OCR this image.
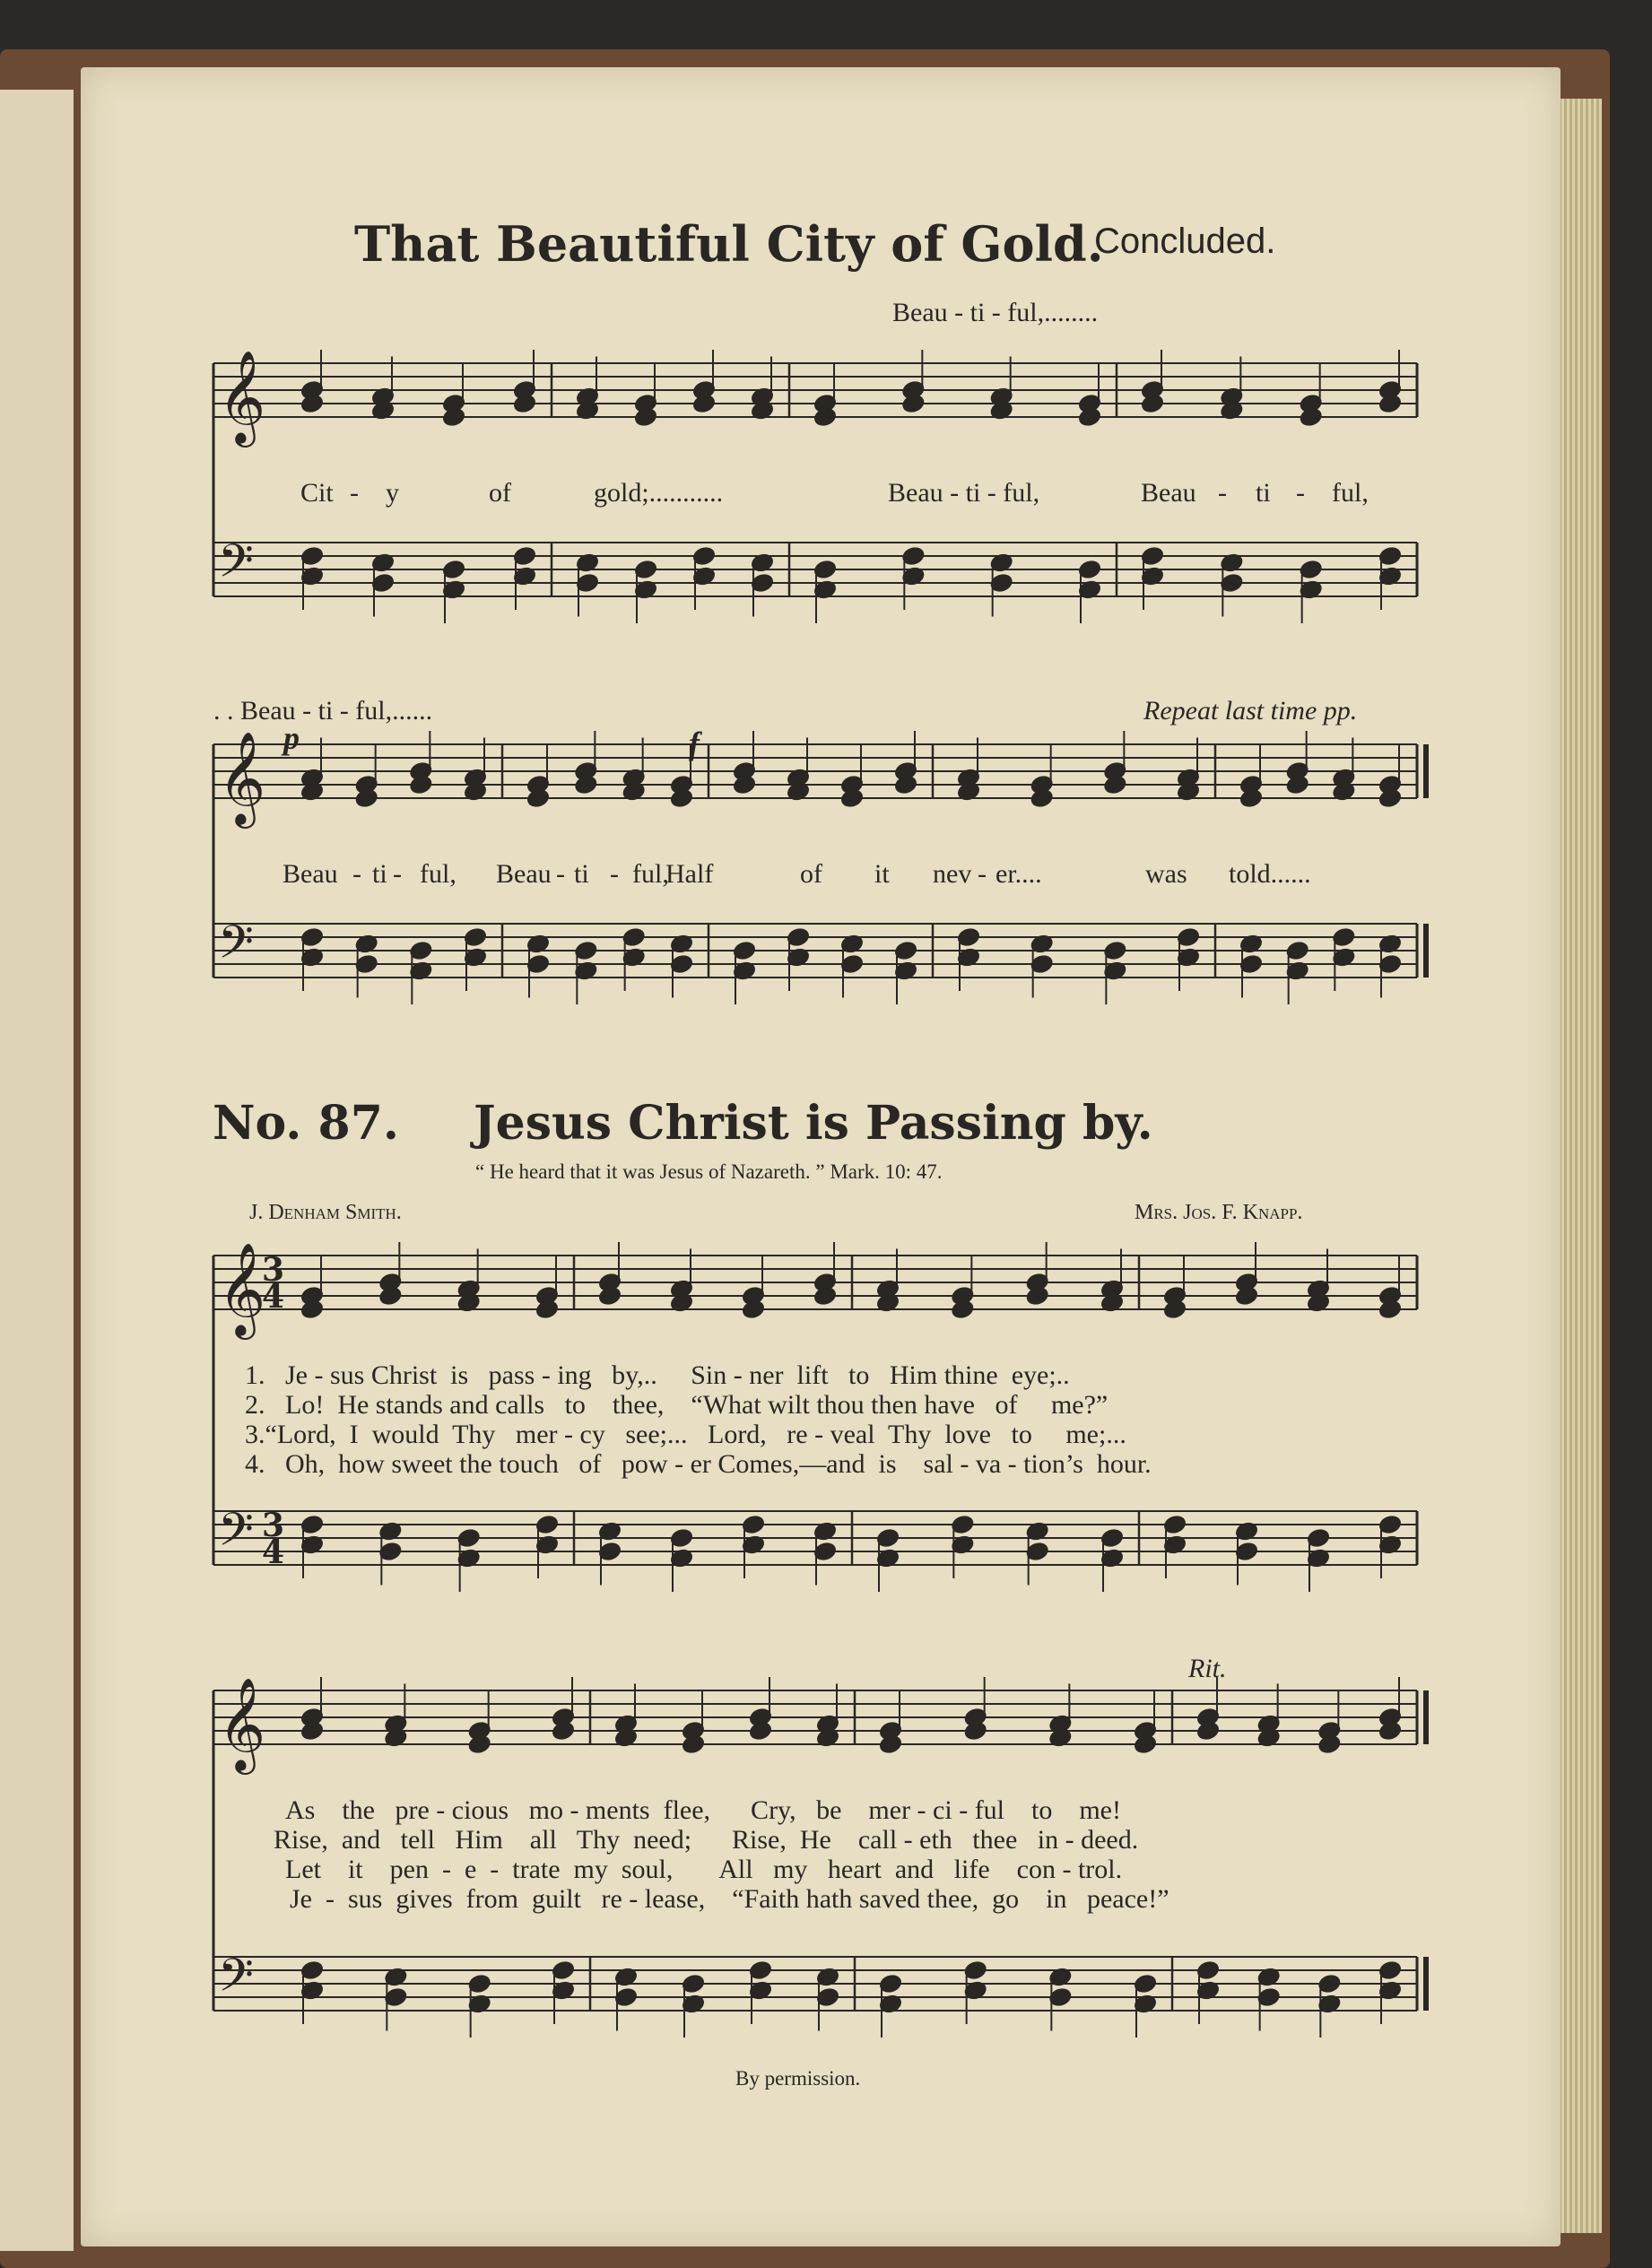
𝄞
𝄢
𝄞
𝄢
𝄞
𝄢
𝄞
𝄢
3
4
3
4
That Beautiful City of Gold.
Concluded.
Beau - ti - ful,........
Cit - y	of	gold;...........	Beau - ti - ful,	Beau - ti - ful,
. . Beau - ti - ful,......	Repeat last time pp.
p	f
Beau - ti - ful, Beau - ti - ful,
Half	of it nev - er....	was told......
No. 87. Jesus Christ is Passing by.
“ He heard that it was Jesus of Nazareth. ” Mark. 10: 47.
J. Denham Smith.	Mrs. Jos. F. Knapp.
1.   Je - sus Christ  is   pass - ing   by,..     Sin - ner  lift   to   Him thine  eye;..
2.   Lo!  He stands and calls   to    thee,    “What wilt thou then have   of     me?”
3.“Lord,  I  would  Thy   mer - cy   see;...   Lord,   re - veal  Thy  love   to     me;...
4.   Oh,  how sweet the touch   of   pow - er Comes,—and  is    sal - va - tion’s  hour.
Rit.
As    the   pre - cious   mo - ments  flee,      Cry,   be    mer - ci - ful    to    me!
Rise,  and   tell   Him    all   Thy  need;      Rise,  He    call - eth   thee   in - deed.
Let    it    pen  -  e  -  trate  my  soul,       All   my   heart  and   life    con - trol.
Je  -  sus  gives  from  guilt   re - lease,    “Faith hath saved thee,  go    in   peace!”
By permission.
